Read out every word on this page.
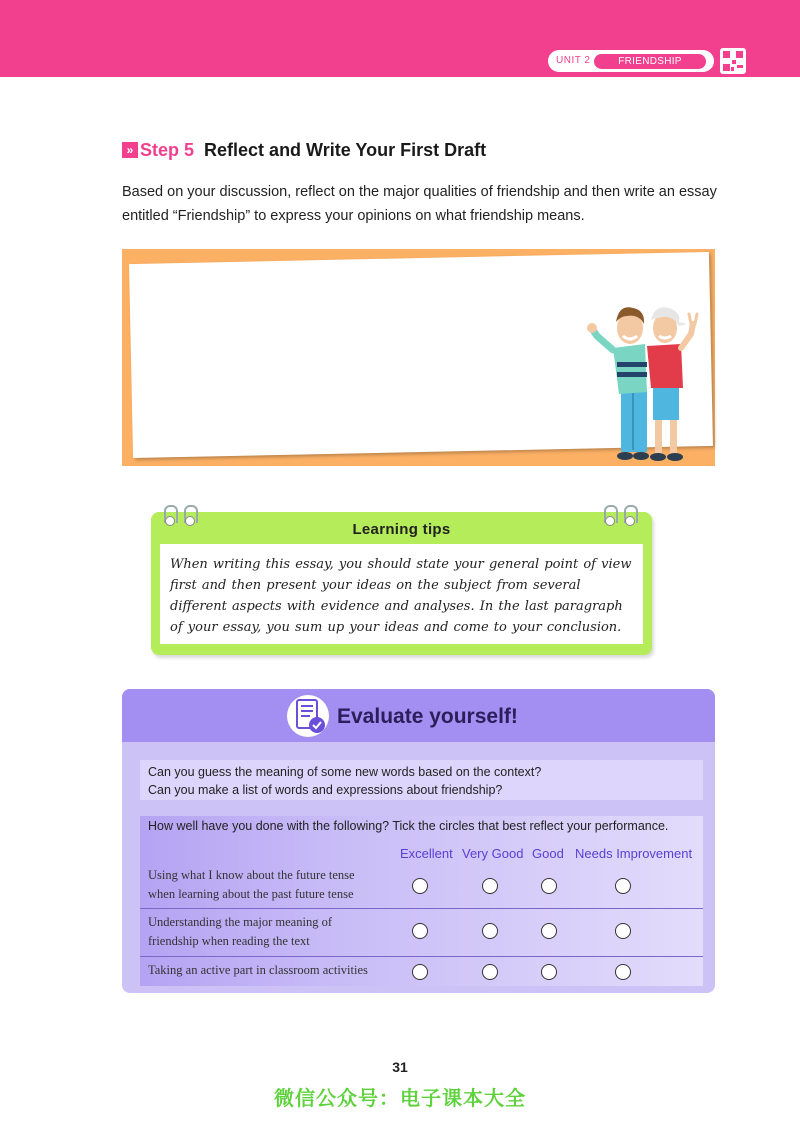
UNIT 2	FRIENDSHIP
» Step 5 Reflect and Write Your First Draft
Based on your discussion, reflect on the major qualities of friendship and then write an essay entitled “Friendship” to express your opinions on what friendship means.
Learning tips
When writing this essay, you should state your general point of view first and then present your ideas on the subject from several different aspects with evidence and analyses. In the last paragraph of your essay, you sum up your ideas and come to your conclusion.
Evaluate yourself!
Can you guess the meaning of some new words based on the context?
Can you make a list of words and expressions about friendship?
How well have you done with the following? Tick the circles that best reflect your performance.
Excellent Very Good Good Needs Improvement
Using what I know about the future tense
when learning about the past future tense
Understanding the major meaning of
friendship when reading the text
Taking an active part in classroom activities
31
微信公众号：电子课本大全
